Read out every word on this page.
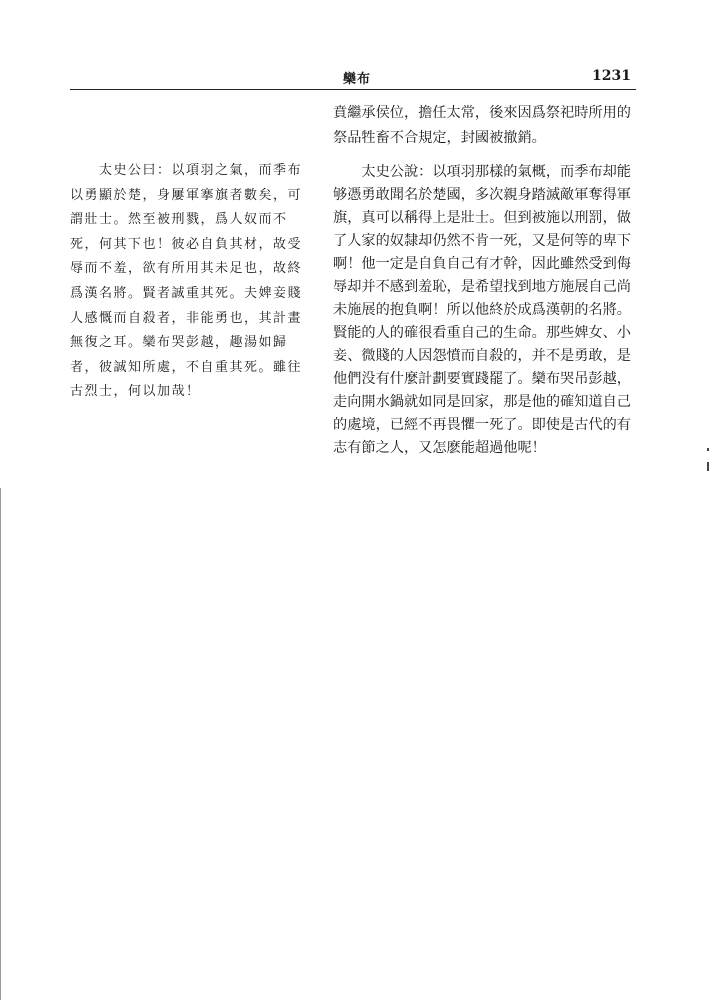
欒布	1231

賁繼承侯位，擔任太常，後來因爲祭祀時所用的
祭品牲畜不合規定，封國被撤銷。

　　太史公曰：以項羽之氣，而季布
以勇顯於楚，身屢軍搴旗者數矣，可
謂壯士。然至被刑戮，爲人奴而不
死，何其下也！彼必自負其材，故受
辱而不羞，欲有所用其未足也，故終
爲漢名將。賢者誠重其死。夫婢妾賤
人感慨而自殺者，非能勇也，其計畫
無復之耳。欒布哭彭越，趣湯如歸
者，彼誠知所處，不自重其死。雖往
古烈士，何以加哉！

　　太史公說：以項羽那樣的氣概，而季布却能
够憑勇敢聞名於楚國，多次親身踏滅敵軍奪得軍
旗，真可以稱得上是壯士。但到被施以刑罰，做
了人家的奴隸却仍然不肯一死，又是何等的卑下
啊！他一定是自負自己有才幹，因此雖然受到侮
辱却并不感到羞恥，是希望找到地方施展自己尚
未施展的抱負啊！所以他終於成爲漢朝的名將。
賢能的人的確很看重自己的生命。那些婢女、小
妾、微賤的人因怨憤而自殺的，并不是勇敢，是
他們没有什麼計劃要實踐罷了。欒布哭吊彭越，
走向開水鍋就如同是回家，那是他的確知道自己
的處境，已經不再畏懼一死了。即使是古代的有
志有節之人，又怎麽能超過他呢！
